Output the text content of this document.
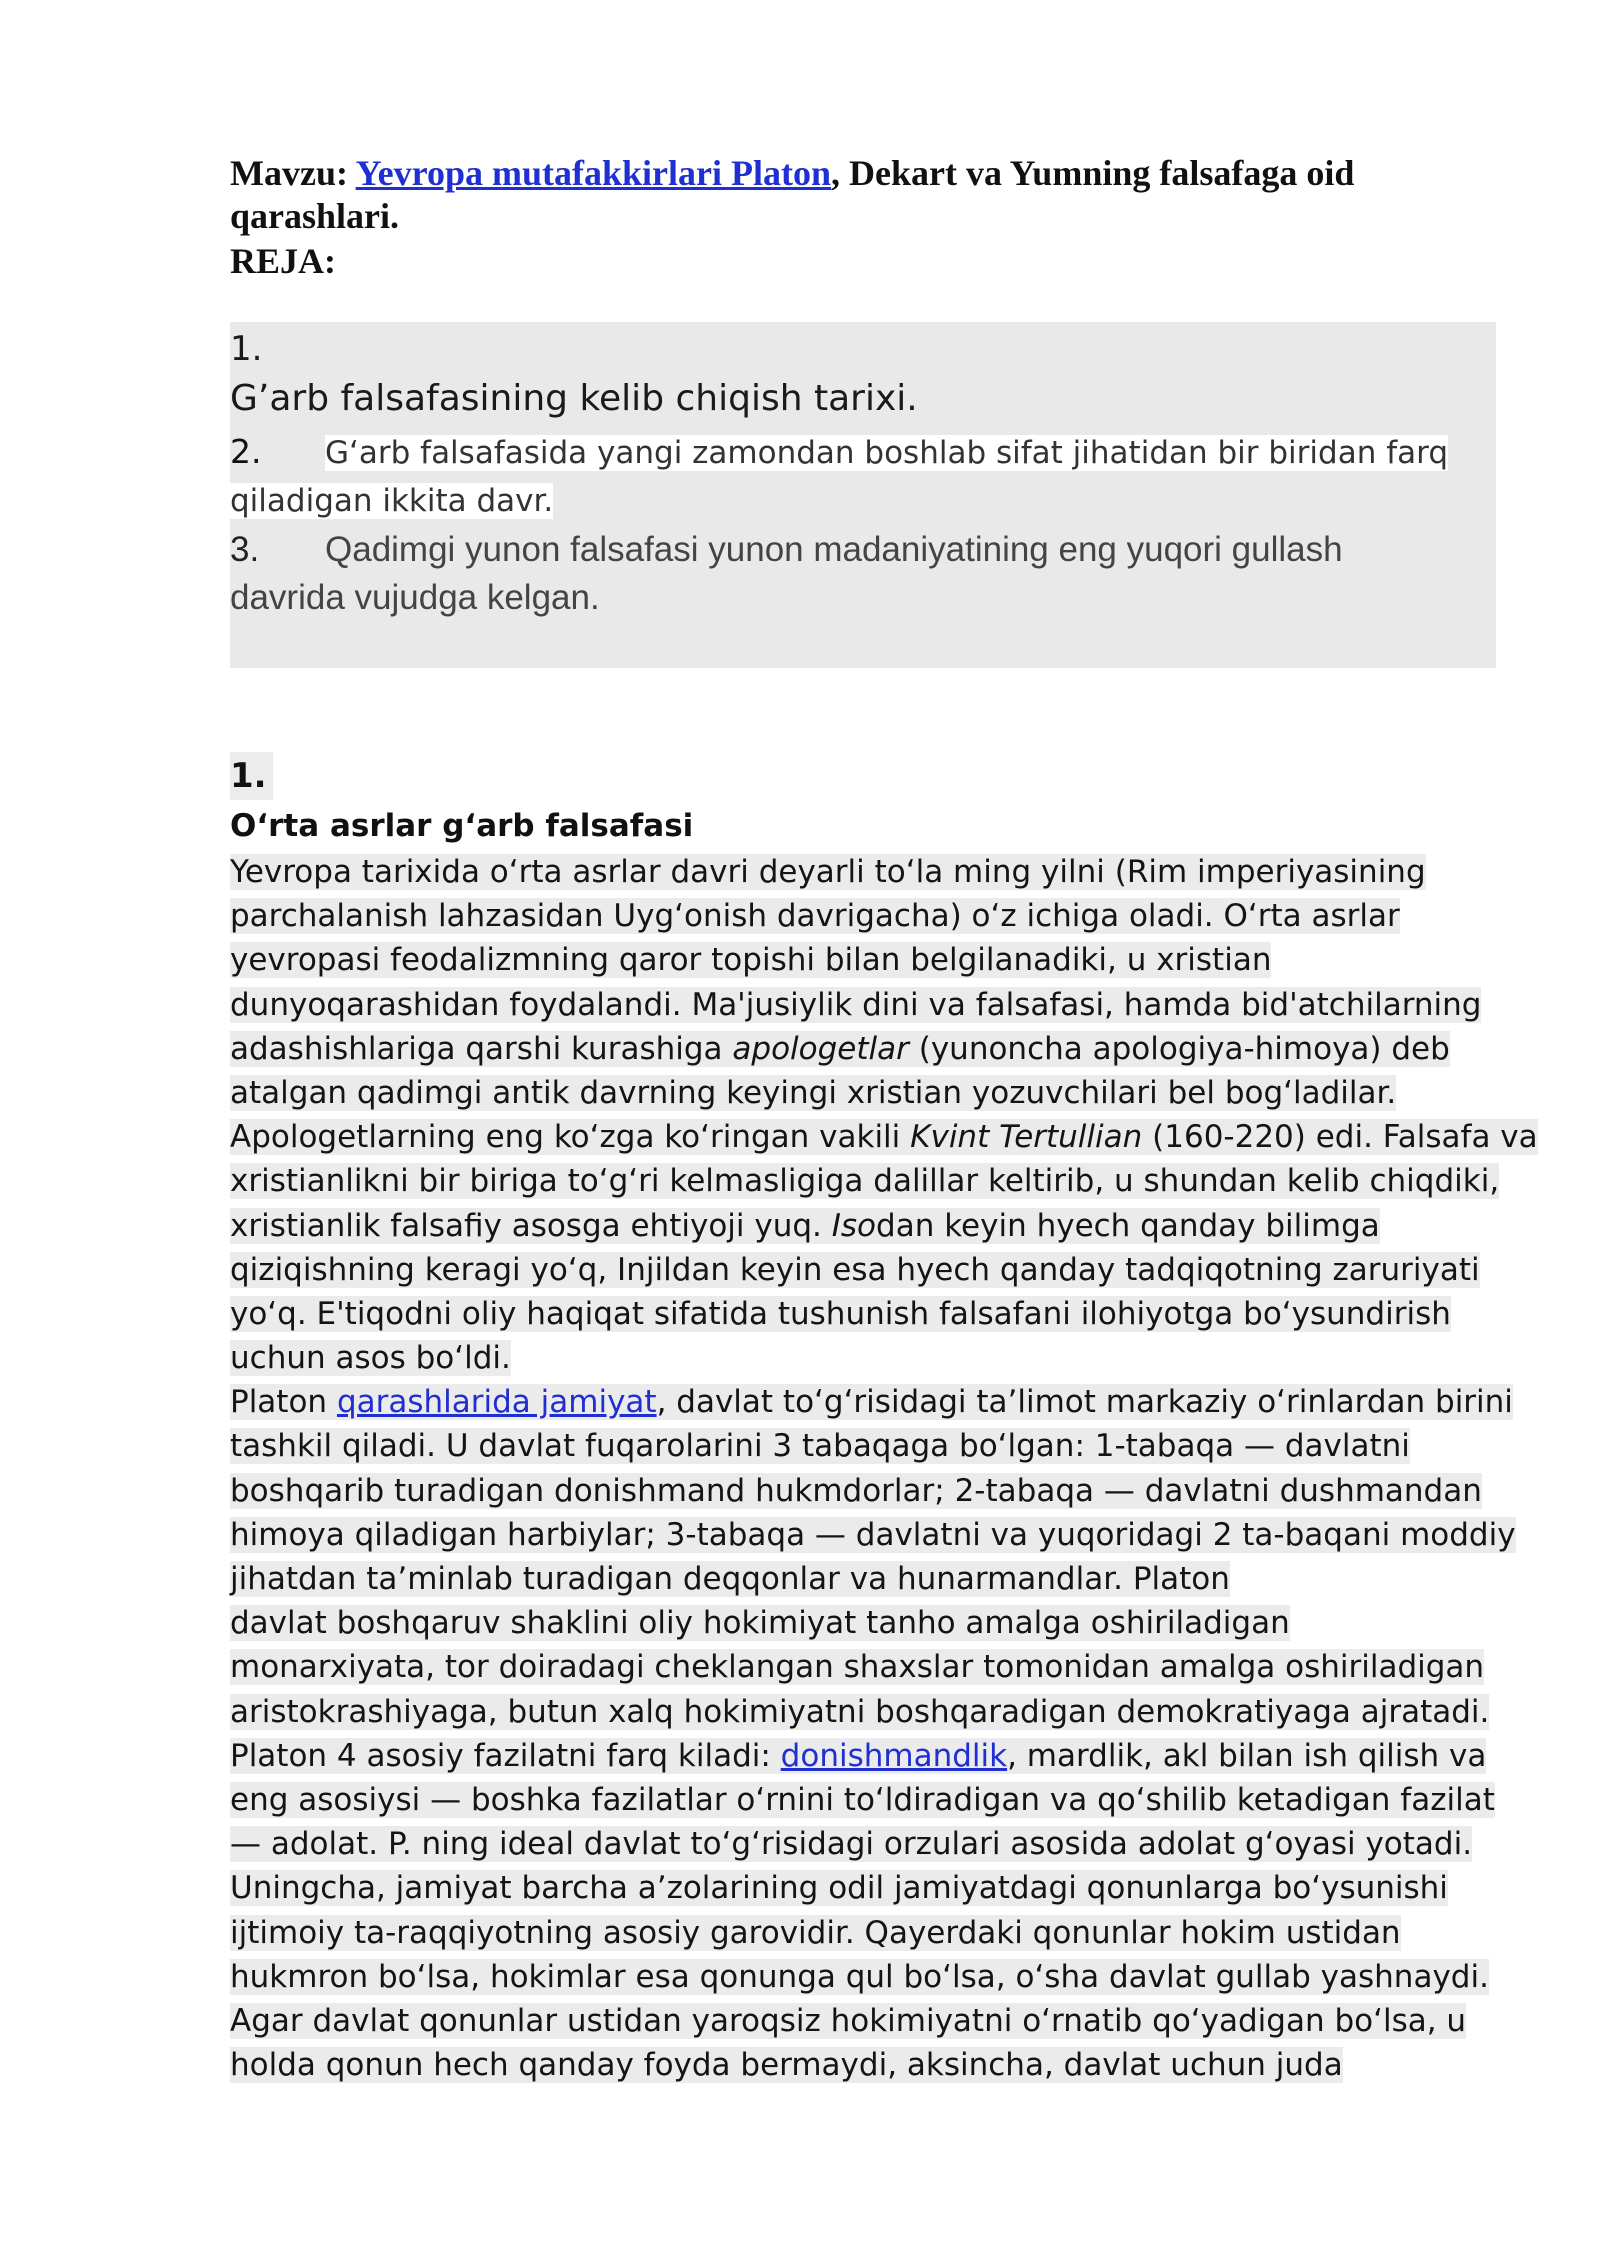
Mavzu: Yevropa mutafakkirlari Platon, Dekart va Yumning falsafaga oid
qarashlari.
REJA:
1.
G’arb falsafasining kelib chiqish tarixi.
2. Gʻarb falsafasida yangi zamondan boshlab sifat jihatidan bir biridan farq
qiladigan ikkita davr.
3. Qadimgi yunon falsafasi yunon madaniyatining eng yuqori gullash
davrida vujudga kelgan.
1.
Oʻrta asrlar gʻarb falsafasi
Yevropa tarixida oʻrta asrlar davri deyarli toʻla ming yilni (Rim imperiyasining
parchalanish lahzasidan Uygʻonish davrigacha) oʻz ichiga oladi. Oʻrta asrlar
yevropasi feodalizmning qaror topishi bilan belgilanadiki, u xristian
dunyoqarashidan foydalandi. Ma'jusiylik dini va falsafasi, hamda bid'atchilarning
adashishlariga qarshi kurashiga apologetlar (yunoncha apologiya-himoya) deb
atalgan qadimgi antik davrning keyingi xristian yozuvchilari bel bogʻladilar.
Apologetlarning eng koʻzga koʻringan vakili Kvint Tertullian (160-220) edi. Falsafa va
xristianlikni bir biriga toʻgʻri kelmasligiga dalillar keltirib, u shundan kelib chiqdiki,
xristianlik falsafiy asosga ehtiyoji yuq. Isodan keyin hyech qanday bilimga
qiziqishning keragi yoʻq, Injildan keyin esa hyech qanday tadqiqotning zaruriyati
yoʻq. E'tiqodni oliy haqiqat sifatida tushunish falsafani ilohiyotga boʻysundirish
uchun asos boʻldi.
Platon qarashlarida jamiyat, davlat toʻgʻrisidagi ta’limot markaziy oʻrinlardan birini
tashkil qiladi. U davlat fuqarolarini 3 tabaqaga boʻlgan: 1-tabaqa — davlatni
boshqarib turadigan donishmand hukmdorlar; 2-tabaqa — davlatni dushmandan
himoya qiladigan harbiylar; 3-tabaqa — davlatni va yuqoridagi 2 ta-baqani moddiy
jihatdan ta’minlab turadigan deqqonlar va hunarmandlar. Platon
davlat boshqaruv shaklini oliy hokimiyat tanho amalga oshiriladigan
monarxiyata, tor doiradagi cheklangan shaxslar tomonidan amalga oshiriladigan
aristokrashiyaga, butun xalq hokimiyatni boshqaradigan demokratiyaga ajratadi.
Platon 4 asosiy fazilatni farq kiladi: donishmandlik, mardlik, akl bilan ish qilish va
eng asosiysi — boshka fazilatlar oʻrnini toʻldiradigan va qoʻshilib ketadigan fazilat
— adolat. P. ning ideal davlat toʻgʻrisidagi orzulari asosida adolat gʻoyasi yotadi.
Uningcha, jamiyat barcha a’zolarining odil jamiyatdagi qonunlarga boʻysunishi
ijtimoiy ta-raqqiyotning asosiy garovidir. Qayerdaki qonunlar hokim ustidan
hukmron boʻlsa, hokimlar esa qonunga qul boʻlsa, oʻsha davlat gullab yashnaydi.
Agar davlat qonunlar ustidan yaroqsiz hokimiyatni oʻrnatib qoʻyadigan boʻlsa, u
holda qonun hech qanday foyda bermaydi, aksincha, davlat uchun juda
